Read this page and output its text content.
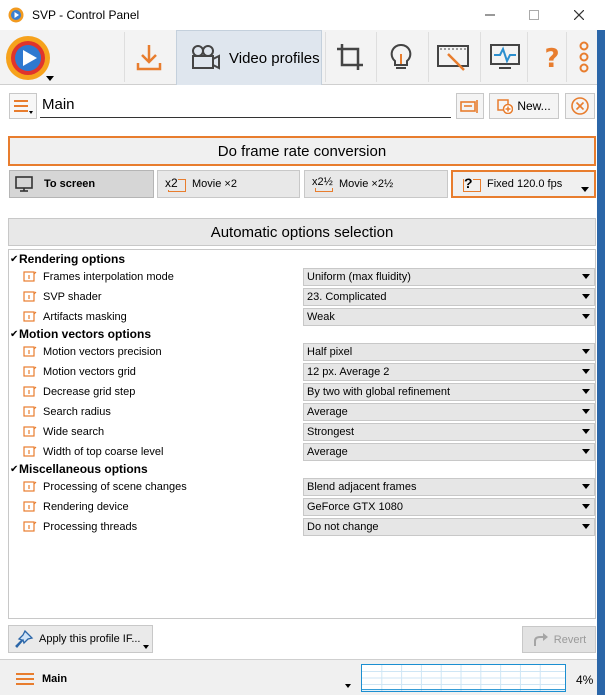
SVP - Control Panel
Video profiles	?
Main	New...
Do frame rate conversion
To screen	x2 Movie ×2	x2½ Movie ×2½	? Fixed 120.0 fps
Automatic options selection
✔ Rendering options
Frames interpolation mode	Uniform (max fluidity)
SVP shader	23. Complicated
Artifacts masking	Weak
✔ Motion vectors options
Motion vectors precision	Half pixel
Motion vectors grid	12 px. Average 2
Decrease grid step	By two with global refinement
Search radius	Average
Wide search	Strongest
Width of top coarse level	Average
✔ Miscellaneous options
Processing of scene changes	Blend adjacent frames
Rendering device	GeForce GTX 1080
Processing threads	Do not change
Apply this profile IF...	Revert
Main	4%
